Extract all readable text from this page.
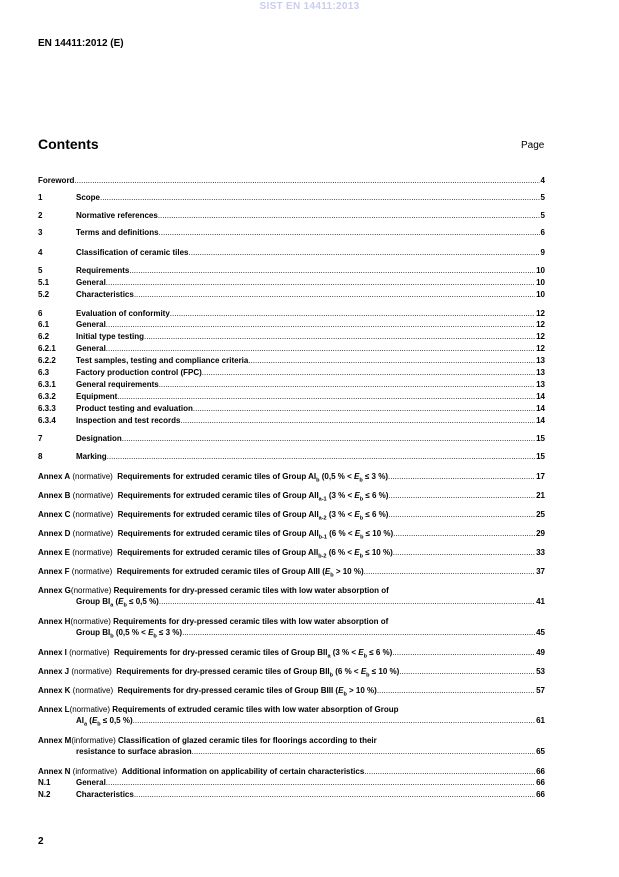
SIST EN 14411:2013
EN 14411:2012 (E)
Contents	Page
Foreword .....	4
1	Scope .....	5
2	Normative references .....	5
3	Terms and definitions .....	6
4	Classification of ceramic tiles .....	9
5	Requirements .....	10
5.1	General .....	10
5.2	Characteristics .....	10
6	Evaluation of conformity .....	12
6.1	General .....	12
6.2	Initial type testing .....	12
6.2.1	General .....	12
6.2.2	Test samples, testing and compliance criteria .....	13
6.3	Factory production control (FPC) .....	13
6.3.1	General requirements .....	13
6.3.2	Equipment .....	14
6.3.3	Product testing and evaluation .....	14
6.3.4	Inspection and test records .....	14
7	Designation .....	15
8	Marking .....	15
Annex A (normative)  Requirements for extruded ceramic tiles of Group $AI_b$ (0,5 % < $E_b \le 3$ %) .....	17
Annex B (normative)  Requirements for extruded ceramic tiles of Group $AII_{a-1}$ (3 % < $E_b \le 6$ %) .....	21
Annex C (normative)  Requirements for extruded ceramic tiles of Group $AII_{a-2}$ (3 % < $E_b \le 6$ %) .....	25
Annex D (normative)  Requirements for extruded ceramic tiles of Group $AII_{b-1}$ (6 % < $E_b \le 10$ %) .....	29
Annex E (normative)  Requirements for extruded ceramic tiles of Group $AII_{b-2}$ (6 % < $E_b \le 10$ %) .....	33
Annex F (normative)  Requirements for extruded ceramic tiles of Group AIII ($E_b > 10$ %) .....	37
Annex G (normative) Requirements for dry-pressed ceramic tiles with low water absorption of
Group $BI_a$ ($E_b \le 0,5$ %) .....	41
Annex H (normative) Requirements for dry-pressed ceramic tiles with low water absorption of
Group $BI_b$ (0,5 % < $E_b \le 3$ %) .....	45
Annex I (normative)  Requirements for dry-pressed ceramic tiles of Group $BII_a$ (3 % < $E_b \le 6$ %) .....	49
Annex J (normative)  Requirements for dry-pressed ceramic tiles of Group $BII_b$ (6 % < $E_b \le 10$ %) .....	53
Annex K (normative)  Requirements for dry-pressed ceramic tiles of Group BIII ($E_b > 10$ %) .....	57
Annex L (normative) Requirements of extruded ceramic tiles with low water absorption of Group
$AI_a$ ($E_b \le 0,5$ %) .....	61
Annex M (informative) Classification of glazed ceramic tiles for floorings according to their
resistance to surface abrasion .....	65
Annex N (informative)  Additional information on applicability of certain characteristics .....	66
N.1	General .....	66
N.2	Characteristics .....	66
2
